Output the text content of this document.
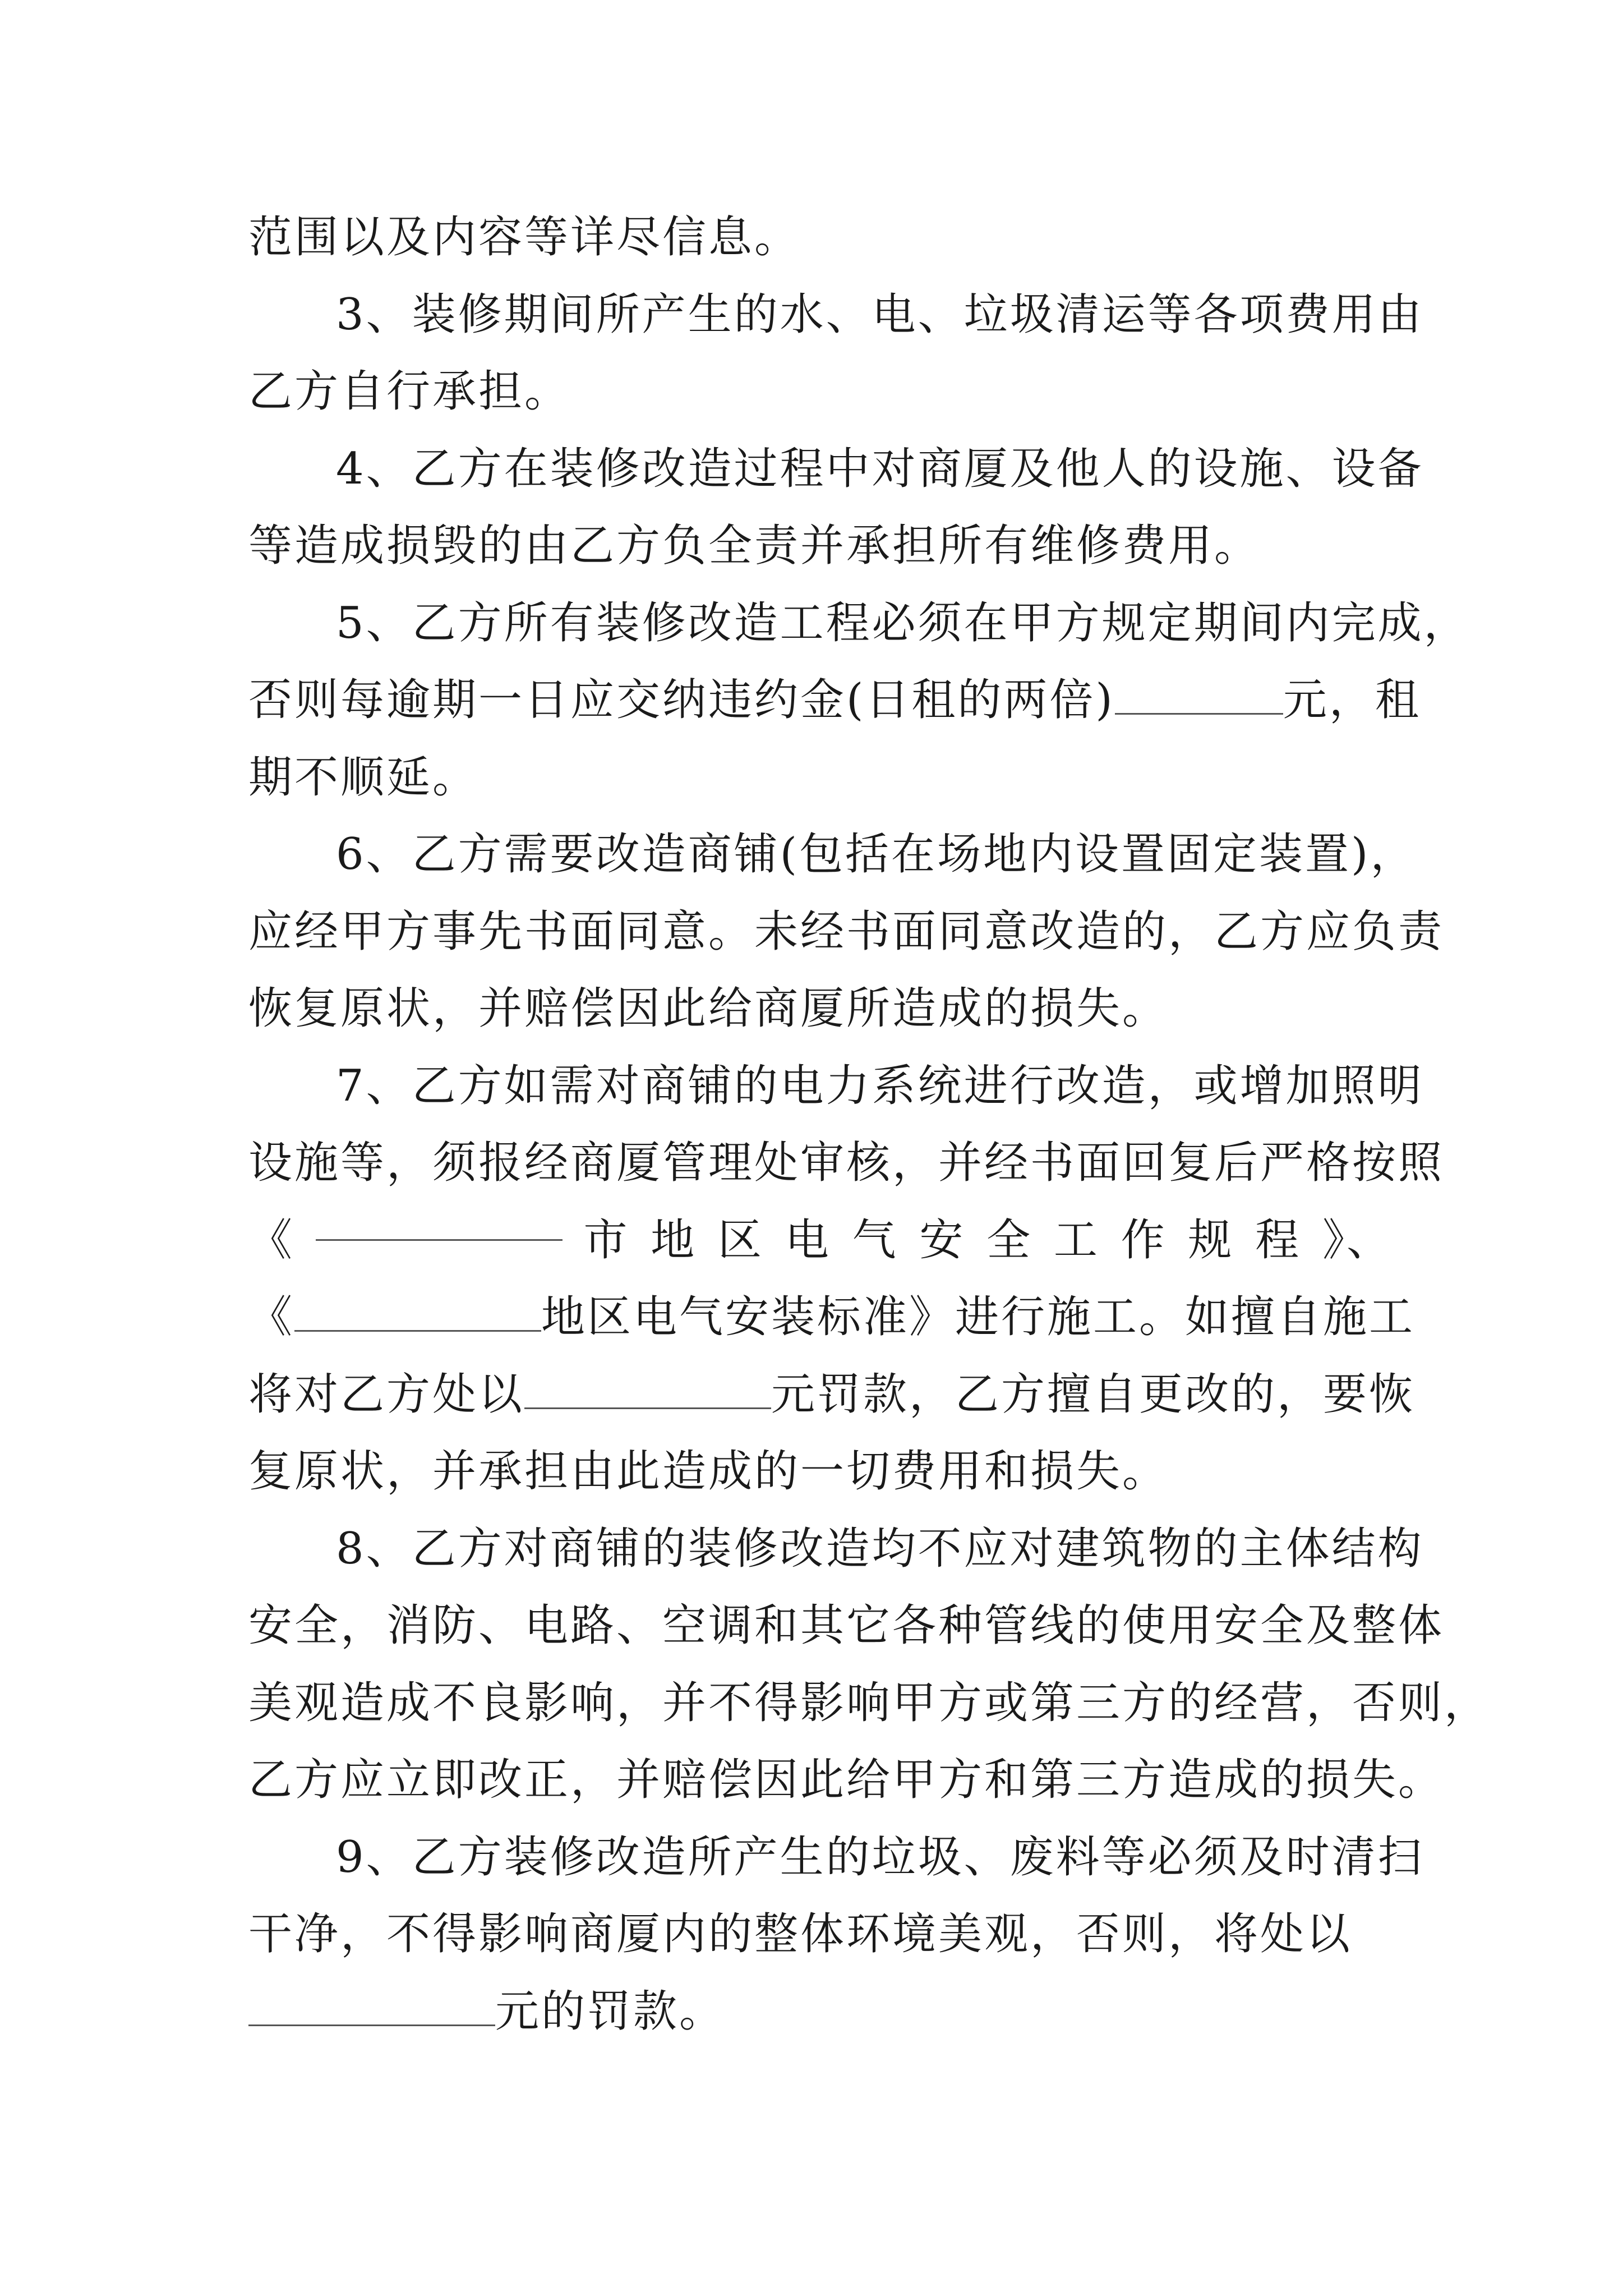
范围以及内容等详尽信息。
3、装修期间所产生的水、电、垃圾清运等各项费用由
乙方自行承担。
4、乙方在装修改造过程中对商厦及他人的设施、设备
等造成损毁的由乙方负全责并承担所有维修费用。
5、乙方所有装修改造工程必须在甲方规定期间内完成，
否则每逾期一日应交纳违约金(日租的两倍)	元，租
期不顺延。
6、乙方需要改造商铺(包括在场地内设置固定装置)，
应经甲方事先书面同意。未经书面同意改造的，乙方应负责
恢复原状，并赔偿因此给商厦所造成的损失。
7、乙方如需对商铺的电力系统进行改造，或增加照明
设施等，须报经商厦管理处审核，并经书面回复后严格按照
《	市 地 区 电 气 安 全 工 作 规 程 》、
《	地区电气安装标准》进行施工。如擅自施工
将对乙方处以	元罚款，乙方擅自更改的，要恢
复原状，并承担由此造成的一切费用和损失。
8、乙方对商铺的装修改造均不应对建筑物的主体结构
安全，消防、电路、空调和其它各种管线的使用安全及整体
美观造成不良影响，并不得影响甲方或第三方的经营，否则，
乙方应立即改正，并赔偿因此给甲方和第三方造成的损失。
9、乙方装修改造所产生的垃圾、废料等必须及时清扫
干净，不得影响商厦内的整体环境美观，否则，将处以
元的罚款。
